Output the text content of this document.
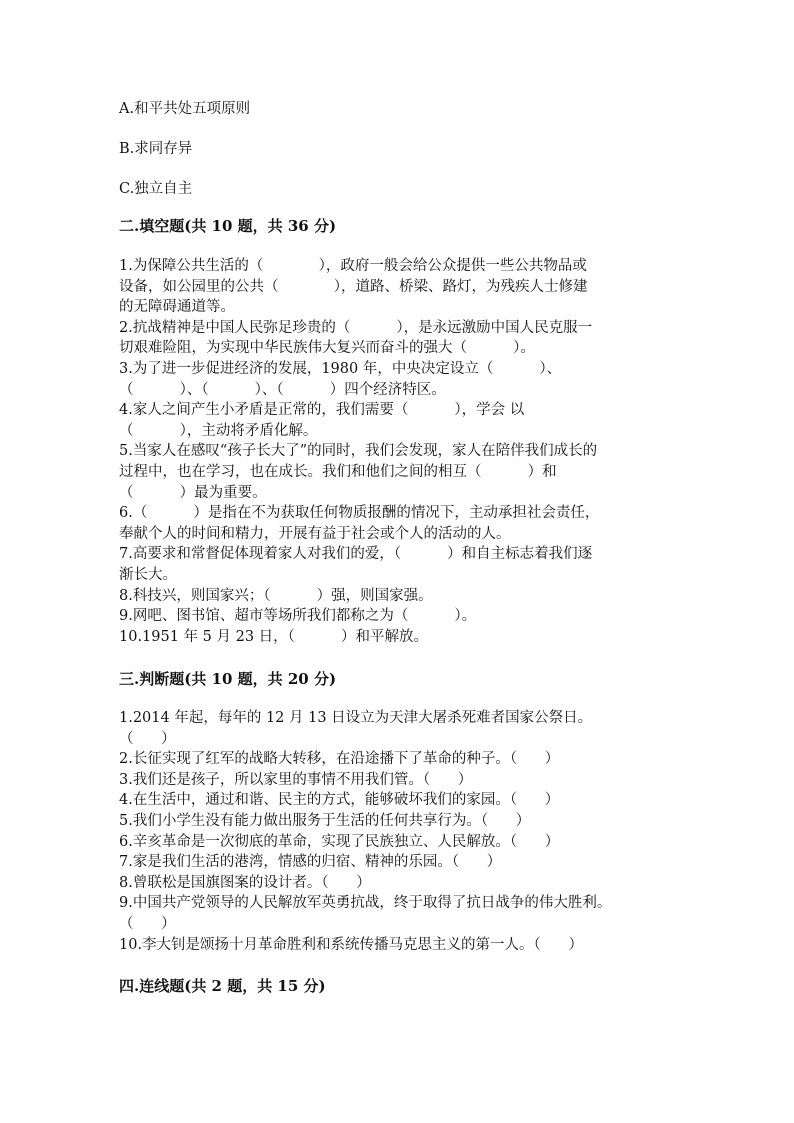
A.和平共处五项原则
B.求同存异
C.独立自主
二.填空题(共 10 题，共 36 分)

1.为保障公共生活的（            ），政府一般会给公众提供一些公共物品或

设备，如公园里的公共（            ），道路、桥梁、路灯，为残疾人士修建

的无障碍通道等。

2.抗战精神是中国人民弥足珍贵的（          ），是永远激励中国人民克服一

切艰难险阻，为实现中华民族伟大复兴而奋斗的强大（          ）。

3.为了进一步促进经济的发展，1980 年，中央决定设立（          ）、

（          ）、（          ）、（          ）四个经济特区。

4.家人之间产生小矛盾是正常的，我们需要（          ），学会 以

（          ），主动将矛盾化解。

5.当家人在感叹“孩子长大了”的同时，我们会发现，家人在陪伴我们成长的

过程中，也在学习，也在成长。我们和他们之间的相互（          ）和

（          ）最为重要。

6.（          ）是指在不为获取任何物质报酬的情况下，主动承担社会责任，

奉献个人的时间和精力，开展有益于社会或个人的活动的人。

7.高要求和常督促体现着家人对我们的爱，（          ）和自主标志着我们逐

渐长大。

8.科技兴，则国家兴；（          ）强，则国家强。

9.网吧、图书馆、超市等场所我们都称之为（          ）。

10.1951 年 5 月 23 日，（          ）和平解放。

三.判断题(共 10 题，共 20 分)

1.2014 年起，每年的 12 月 13 日设立为天津大屠杀死难者国家公祭日。

（      ）

2.长征实现了红军的战略大转移，在沿途播下了革命的种子。（      ）

3.我们还是孩子，所以家里的事情不用我们管。（      ）

4.在生活中，通过和谐、民主的方式，能够破坏我们的家园。（      ）

5.我们小学生没有能力做出服务于生活的任何共享行为。（      ）

6.辛亥革命是一次彻底的革命，实现了民族独立、人民解放。（      ）

7.家是我们生活的港湾，情感的归宿、精神的乐园。（      ）

8.曾联松是国旗图案的设计者。（      ）

9.中国共产党领导的人民解放军英勇抗战，终于取得了抗日战争的伟大胜利。

（      ）

10.李大钊是颂扬十月革命胜利和系统传播马克思主义的第一人。（      ）

四.连线题(共 2 题，共 15 分)
